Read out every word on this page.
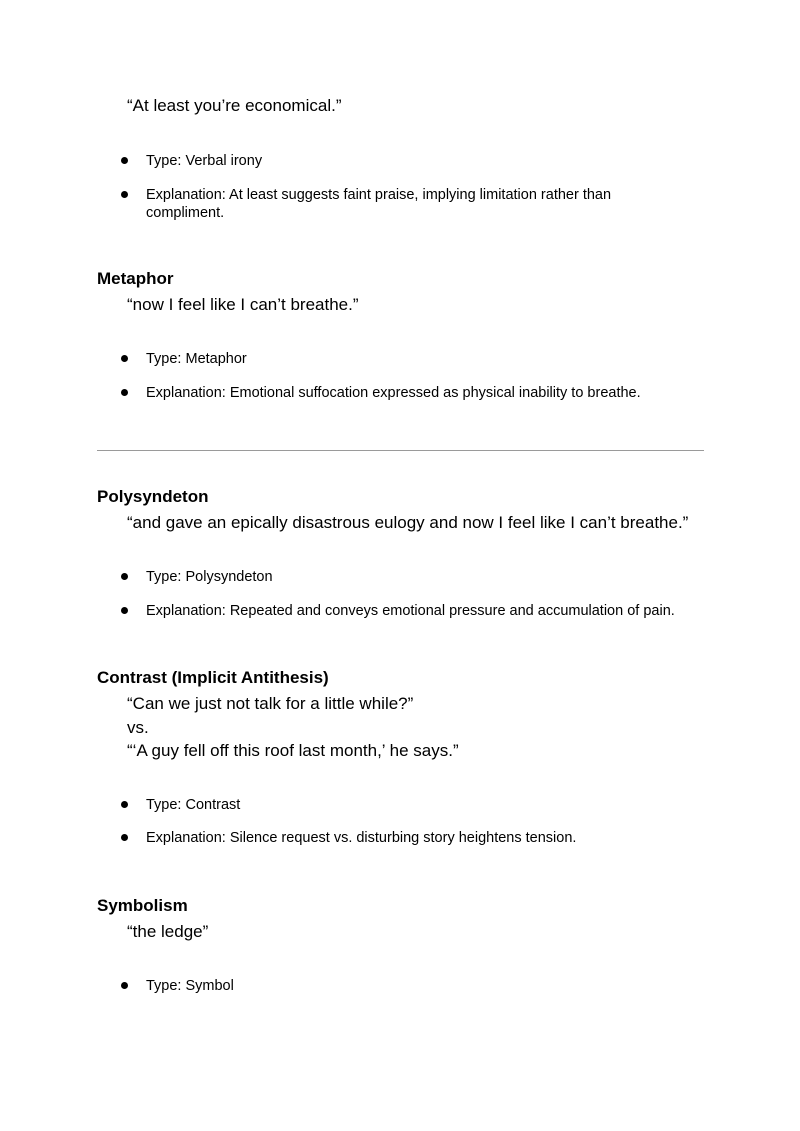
“At least you’re economical.”

Type: Verbal irony

Explanation: At least suggests faint praise, implying limitation rather than compliment.

Metaphor

“now I feel like I can’t breathe.”

Type: Metaphor

Explanation: Emotional suffocation expressed as physical inability to breathe.

Polysyndeton

“and gave an epically disastrous eulogy and now I feel like I can’t breathe.”

Type: Polysyndeton

Explanation: Repeated and conveys emotional pressure and accumulation of pain.

Contrast (Implicit Antithesis)

“Can we just not talk for a little while?”

vs.

“‘A guy fell off this roof last month,’ he says.”

Type: Contrast

Explanation: Silence request vs. disturbing story heightens tension.

Symbolism

“the ledge”

Type: Symbol
